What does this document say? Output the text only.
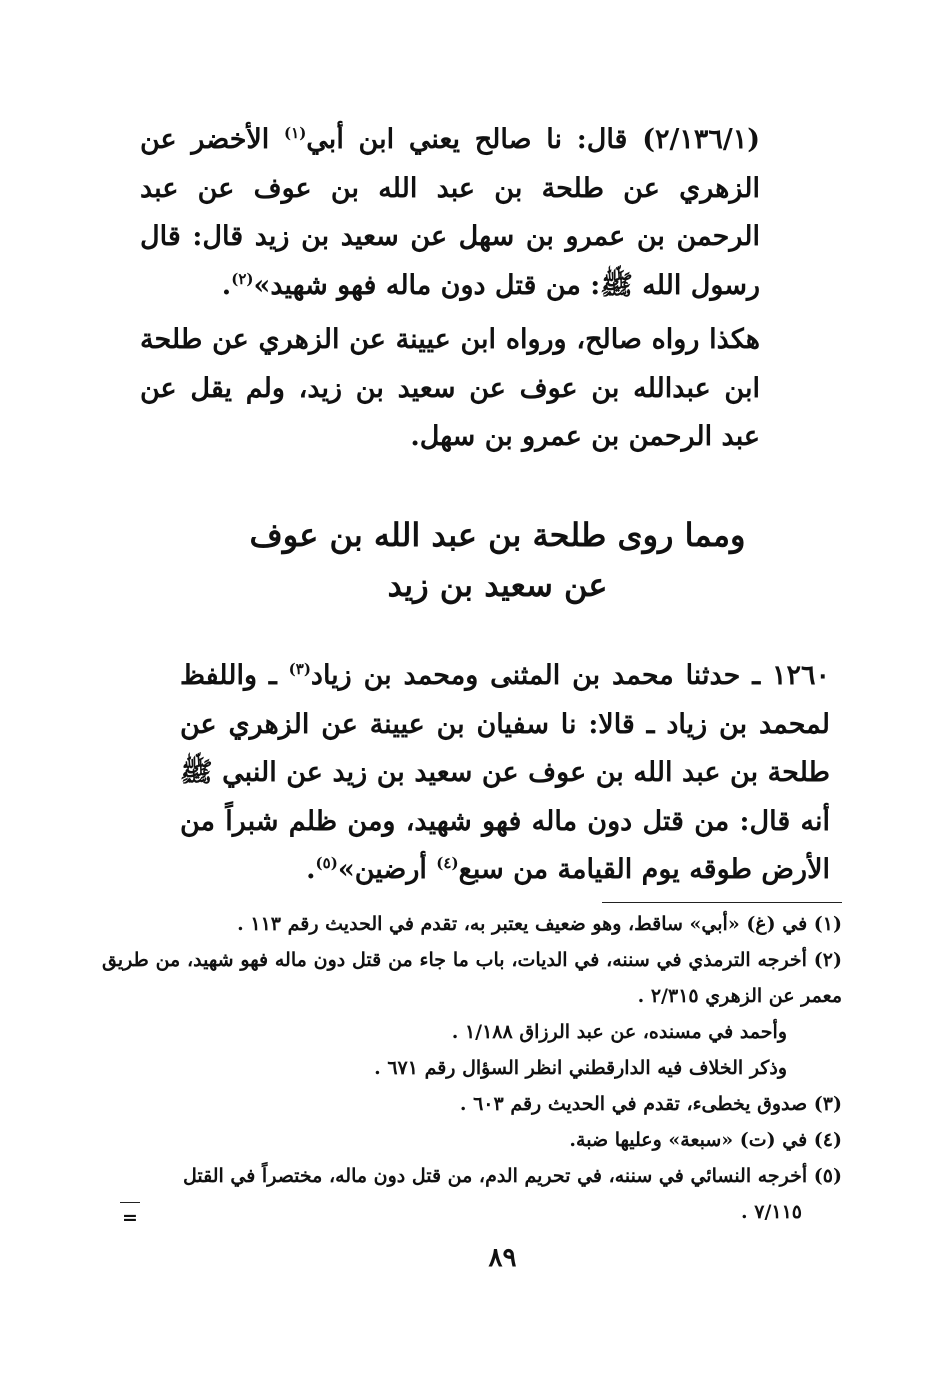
(٢/١٣٦/١) قال: نا صالح يعني ابن أبي$^{(١)}$ الأخضر عن الزهري عن طلحة بن عبد الله بن عوف عن عبد الرحمن بن عمرو بن سهل عن سعيد بن زيد قال: قال رسول الله ﷺ: من قتل دون ماله فهو شهيد»$^{(٢)}$.

هكذا رواه صالح، ورواه ابن عيينة عن الزهري عن طلحة ابن عبدالله بن عوف عن سعيد بن زيد، ولم يقل عن عبد الرحمن بن عمرو بن سهل.

ومما روى طلحة بن عبد الله بن عوف
عن سعيد بن زيد

١٢٦٠ ـ حدثنا محمد بن المثنى ومحمد بن زياد$^{(٣)}$ ـ واللفظ لمحمد بن زياد ـ قالا: نا سفيان بن عيينة عن الزهري عن طلحة بن عبد الله بن عوف عن سعيد بن زيد عن النبي ﷺ أنه قال: من قتل دون ماله فهو شهيد، ومن ظلم شبراً من الأرض طوقه يوم القيامة من سبع$^{(٤)}$ أرضين»$^{(٥)}$.

(١) في (غ) «أبي» ساقط، وهو ضعيف يعتبر به، تقدم في الحديث رقم ١١٣ .

(٢) أخرجه الترمذي في سننه، في الديات، باب ما جاء من قتل دون ماله فهو شهيد، من طريق معمر عن الزهري ٢/٣١٥ .

وأحمد في مسنده، عن عبد الرزاق ١/١٨٨ .

وذكر الخلاف فيه الدارقطني انظر السؤال رقم ٦٧١ .

(٣) صدوق يخطىء، تقدم في الحديث رقم ٦٠٣ .

(٤) في (ت) «سبعة» وعليها ضبة.

(٥) أخرجه النسائي في سننه، في تحريم الدم، من قتل دون ماله، مختصراً في القتل

٧/١١٥ .

=
٨٩
